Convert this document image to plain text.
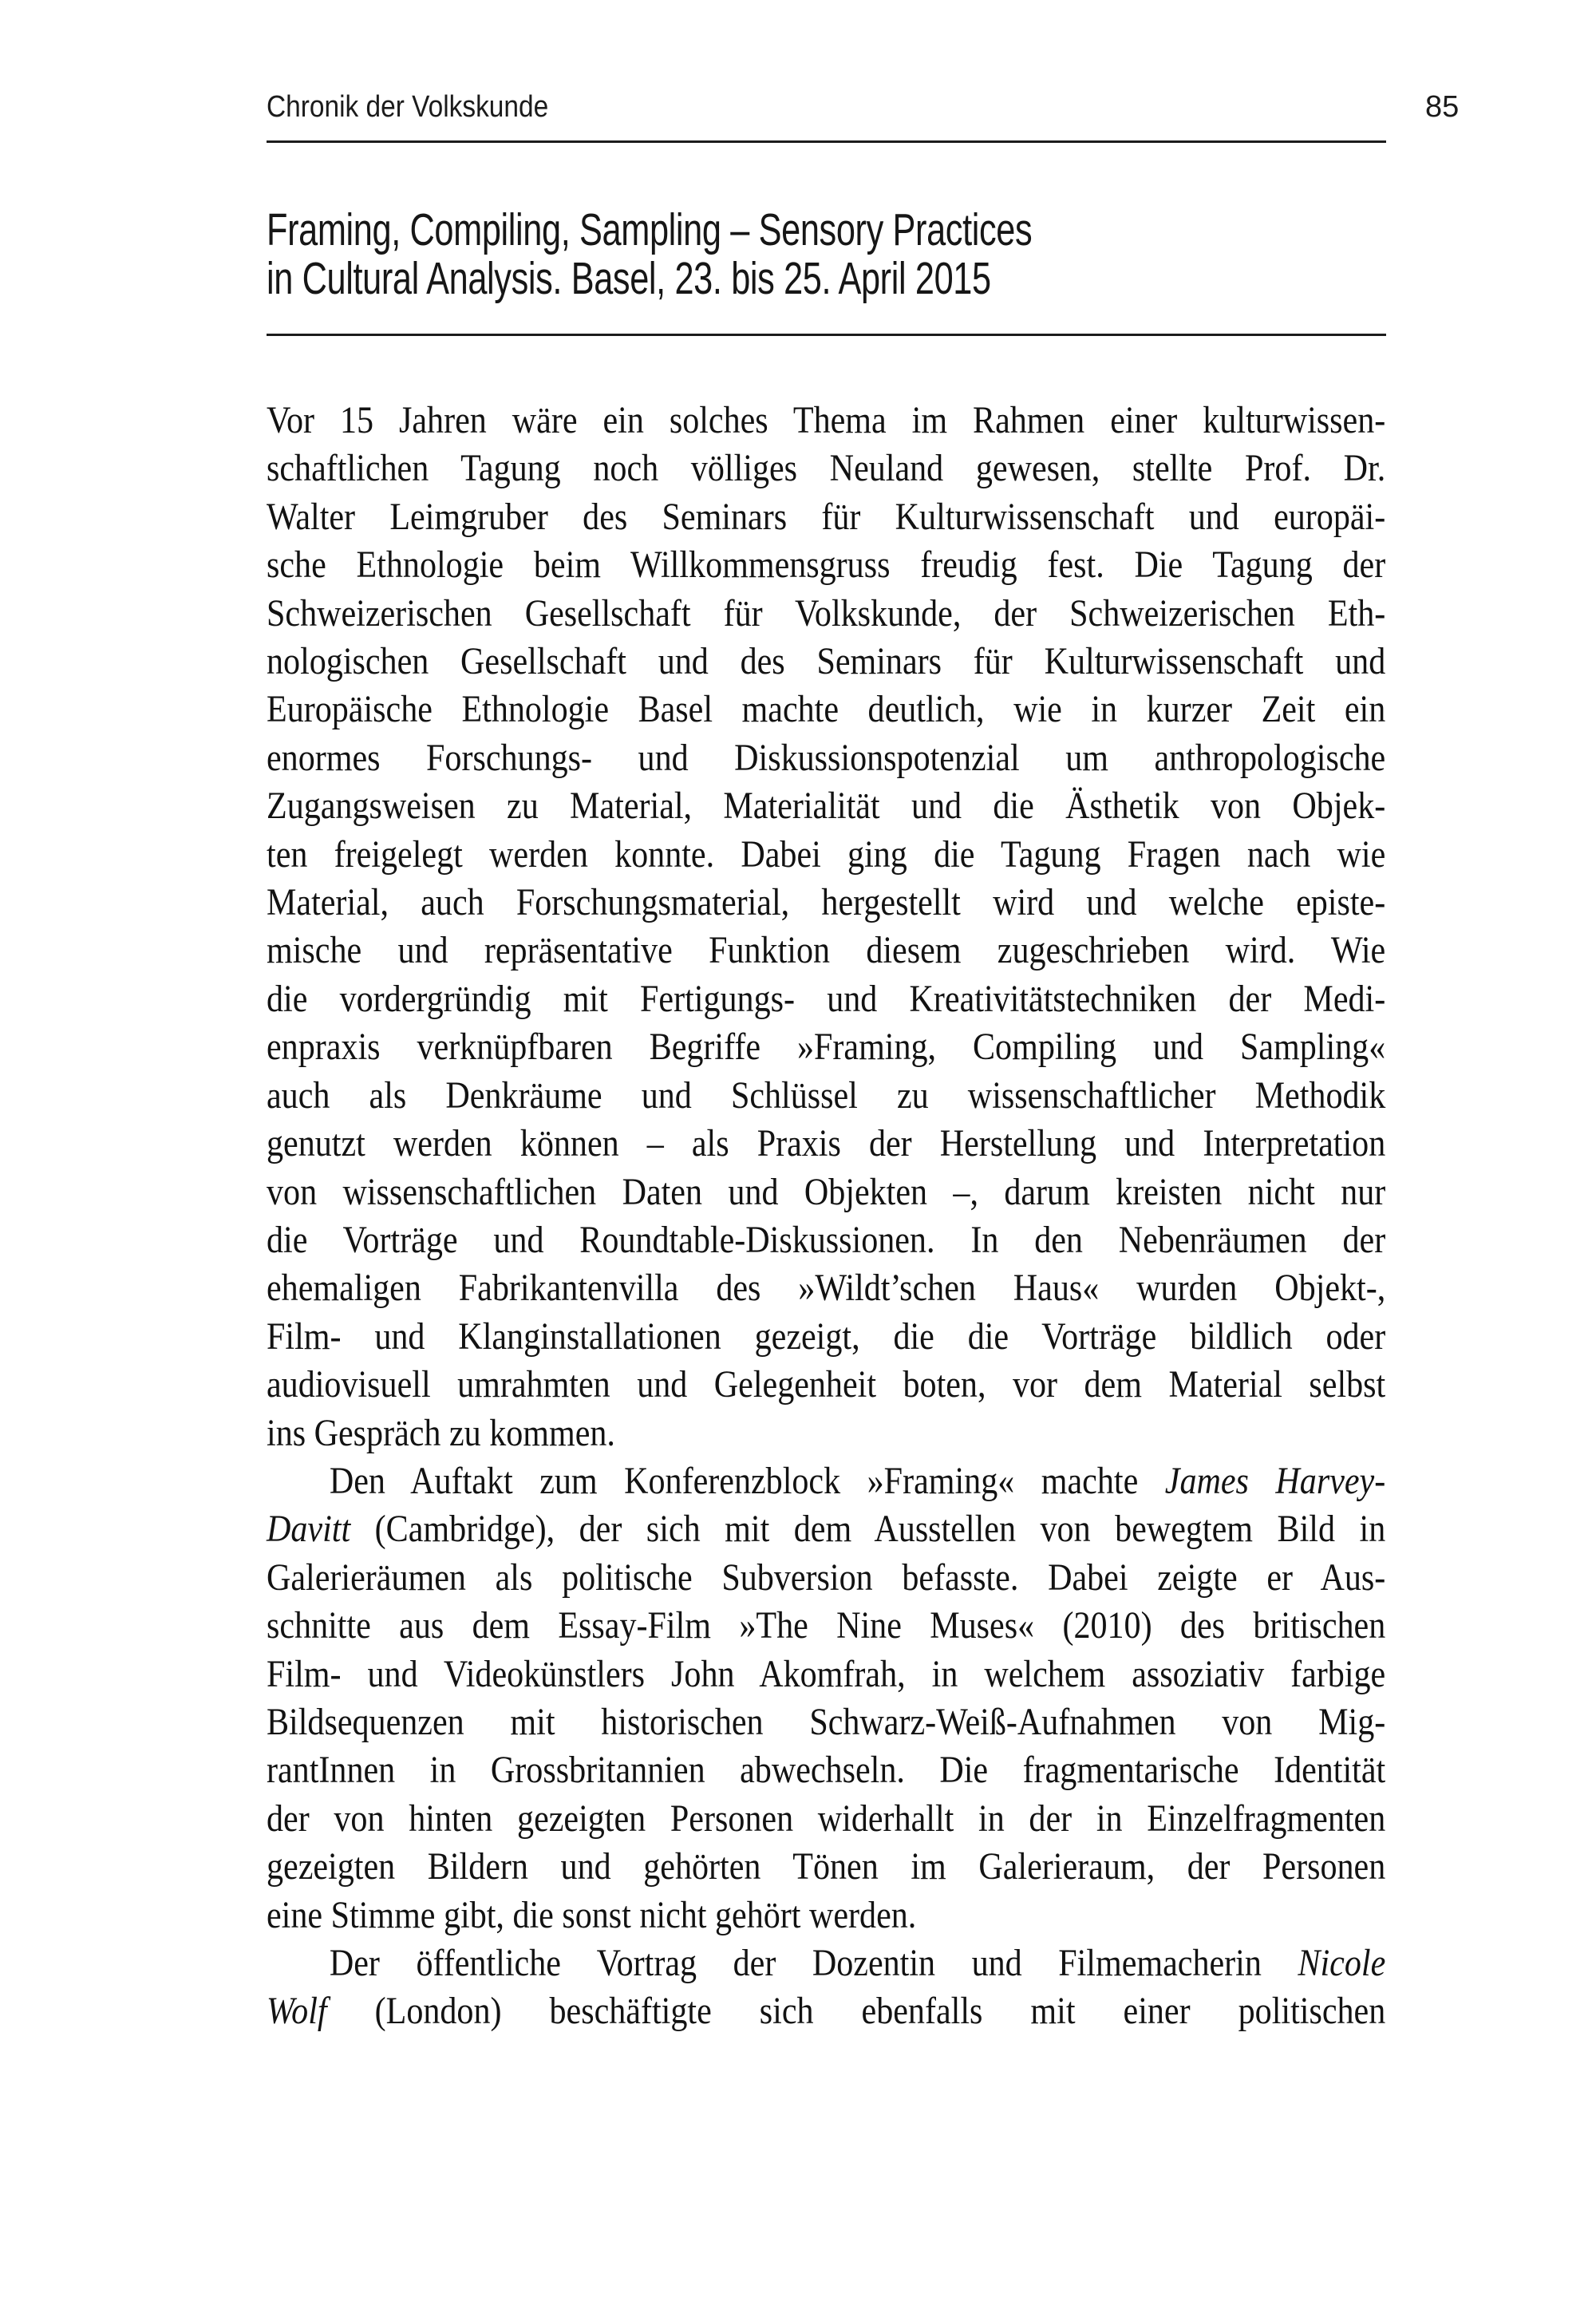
Chronik der Volkskunde	85
Framing, Compiling, Sampling – Sensory Practices
in Cultural Analysis. Basel, 23. bis 25. April 2015
Vor 15 Jahren wäre ein solches Thema im Rahmen einer kulturwissen-
schaftlichen Tagung noch völliges Neuland gewesen, stellte Prof. Dr.
Walter Leimgruber des Seminars für Kulturwissenschaft und europäi-
sche Ethnologie beim Willkommensgruss freudig fest. Die Tagung der
Schweizerischen Gesellschaft für Volkskunde, der Schweizerischen Eth-
nologischen Gesellschaft und des Seminars für Kulturwissenschaft und
Europäische Ethnologie Basel machte deutlich, wie in kurzer Zeit ein
enormes Forschungs- und Diskussionspotenzial um anthropologische
Zugangsweisen zu Material, Materialität und die Ästhetik von Objek-
ten freigelegt werden konnte. Dabei ging die Tagung Fragen nach wie
Material, auch Forschungsmaterial, hergestellt wird und welche episte-
mische und repräsentative Funktion diesem zugeschrieben wird. Wie
die vordergründig mit Fertigungs- und Kreativitätstechniken der Medi-
enpraxis verknüpfbaren Begriffe »Framing, Compiling und Sampling«
auch als Denkräume und Schlüssel zu wissenschaftlicher Methodik
genutzt werden können – als Praxis der Herstellung und Interpretation
von wissenschaftlichen Daten und Objekten –, darum kreisten nicht nur
die Vorträge und Roundtable-Diskussionen. In den Nebenräumen der
ehemaligen Fabrikantenvilla des »Wildt’schen Haus« wurden Objekt-,
Film- und Klanginstallationen gezeigt, die die Vorträge bildlich oder
audiovisuell umrahmten und Gelegenheit boten, vor dem Material selbst
ins Gespräch zu kommen.
Den Auftakt zum Konferenzblock »Framing« machte James Harvey-
Davitt (Cambridge), der sich mit dem Ausstellen von bewegtem Bild in
Galerieräumen als politische Subversion befasste. Dabei zeigte er Aus-
schnitte aus dem Essay-Film »The Nine Muses« (2010) des britischen
Film- und Videokünstlers John Akomfrah, in welchem assoziativ farbige
Bildsequenzen mit historischen Schwarz-Weiß-Aufnahmen von Mig-
rantInnen in Grossbritannien abwechseln. Die fragmentarische Identität
der von hinten gezeigten Personen widerhallt in der in Einzelfragmenten
gezeigten Bildern und gehörten Tönen im Galerieraum, der Personen
eine Stimme gibt, die sonst nicht gehört werden.
Der öffentliche Vortrag der Dozentin und Filmemacherin Nicole
Wolf (London) beschäftigte sich ebenfalls mit einer politischen
